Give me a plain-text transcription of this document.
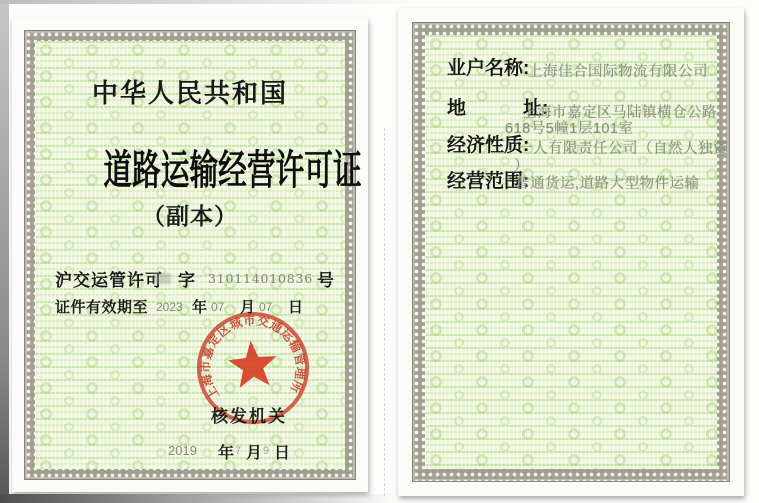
中华人民共和国

道路运输经营许可证

（副本）
沪交运管许可 字 310114010836 号
证件有效期至 2023 年 07 月 07 日
核发机关
上海市嘉定区城市交通运输管理所
2019 年 7 月 9 日
业户名称:
上海佳合国际物流有限公司
地　　　址:
上海市嘉定区马陆镇横仓公路
618号5幢1层101室
经济性质:
一人有限责任公司（自然人独资
）
经营范围:
普通货运,道路大型物件运输
